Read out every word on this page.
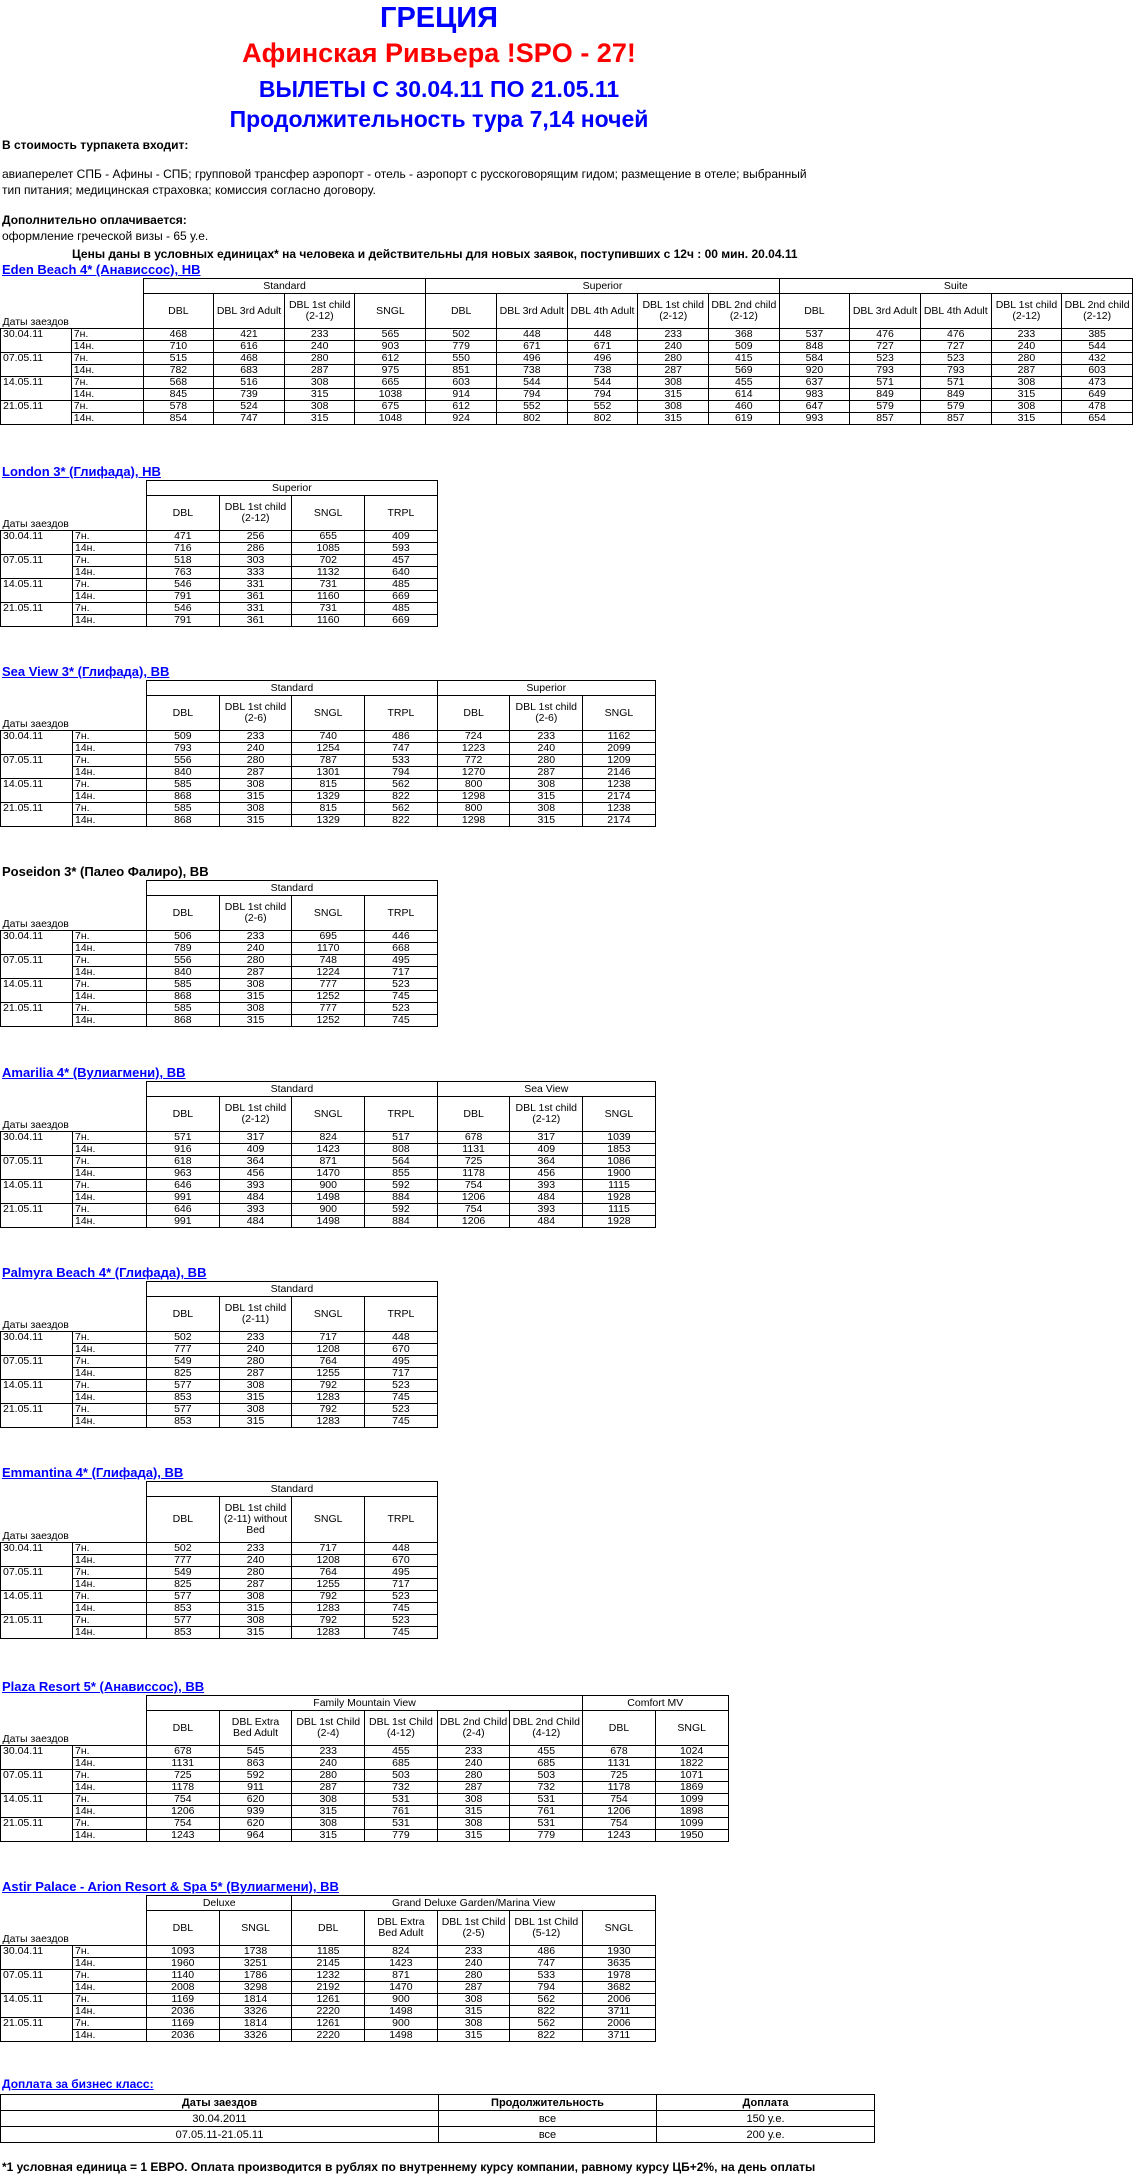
ГРЕЦИЯ
Афинская Ривьера !SPO - 27!
ВЫЛЕТЫ С 30.04.11 ПО 21.05.11
Продолжительность тура 7,14 ночей
В стоимость турпакета входит:
авиаперелет СПБ - Афины - СПБ; групповой трансфер аэропорт - отель - аэропорт с русскоговорящим гидом; размещение в отеле; выбранный
тип питания; медицинская страховка; комиссия согласно договору.
Дополнительно оплачивается:
оформление греческой визы - 65 у.е.
Цены даны в условных единицах* на человека и действительны для новых заявок, поступивших с 12ч : 00 мин. 20.04.11
Eden Beach 4* (Анависсос), HB
Даты заездов		Standard				Superior					Suite				
		DBL	DBL 3rd Adult	DBL 1st child (2-12)	SNGL	DBL	DBL 3rd Adult	DBL 4th Adult	DBL 1st child (2-12)	DBL 2nd child (2-12)	DBL	DBL 3rd Adult	DBL 4th Adult	DBL 1st child (2-12)	DBL 2nd child (2-12)
30.04.11	7н.	468	421	233	565	502	448	448	233	368	537	476	476	233	385
	14н.	710	616	240	903	779	671	671	240	509	848	727	727	240	544
07.05.11	7н.	515	468	280	612	550	496	496	280	415	584	523	523	280	432
	14н.	782	683	287	975	851	738	738	287	569	920	793	793	287	603
14.05.11	7н.	568	516	308	665	603	544	544	308	455	637	571	571	308	473
	14н.	845	739	315	1038	914	794	794	315	614	983	849	849	315	649
21.05.11	7н.	578	524	308	675	612	552	552	308	460	647	579	579	308	478
	14н.	854	747	315	1048	924	802	802	315	619	993	857	857	315	654
London 3* (Глифада), HB
Даты заездов		Superior			
		DBL	DBL 1st child (2-12)	SNGL	TRPL
30.04.11	7н.	471	256	655	409
	14н.	716	286	1085	593
07.05.11	7н.	518	303	702	457
	14н.	763	333	1132	640
14.05.11	7н.	546	331	731	485
	14н.	791	361	1160	669
21.05.11	7н.	546	331	731	485
	14н.	791	361	1160	669
Sea View 3* (Глифада), BB
Даты заездов		Standard				Superior		
		DBL	DBL 1st child (2-6)	SNGL	TRPL	DBL	DBL 1st child (2-6)	SNGL
30.04.11	7н.	509	233	740	486	724	233	1162
	14н.	793	240	1254	747	1223	240	2099
07.05.11	7н.	556	280	787	533	772	280	1209
	14н.	840	287	1301	794	1270	287	2146
14.05.11	7н.	585	308	815	562	800	308	1238
	14н.	868	315	1329	822	1298	315	2174
21.05.11	7н.	585	308	815	562	800	308	1238
	14н.	868	315	1329	822	1298	315	2174
Poseidon 3* (Палео Фалиро), BB
Даты заездов		Standard			
		DBL	DBL 1st child (2-6)	SNGL	TRPL
30.04.11	7н.	506	233	695	446
	14н.	789	240	1170	668
07.05.11	7н.	556	280	748	495
	14н.	840	287	1224	717
14.05.11	7н.	585	308	777	523
	14н.	868	315	1252	745
21.05.11	7н.	585	308	777	523
	14н.	868	315	1252	745
Amarilia 4* (Вулиагмени), BB
Даты заездов		Standard				Sea View		
		DBL	DBL 1st child (2-12)	SNGL	TRPL	DBL	DBL 1st child (2-12)	SNGL
30.04.11	7н.	571	317	824	517	678	317	1039
	14н.	916	409	1423	808	1131	409	1853
07.05.11	7н.	618	364	871	564	725	364	1086
	14н.	963	456	1470	855	1178	456	1900
14.05.11	7н.	646	393	900	592	754	393	1115
	14н.	991	484	1498	884	1206	484	1928
21.05.11	7н.	646	393	900	592	754	393	1115
	14н.	991	484	1498	884	1206	484	1928
Palmyra Beach 4* (Глифада), BB
Даты заездов		Standard			
		DBL	DBL 1st child (2-11)	SNGL	TRPL
30.04.11	7н.	502	233	717	448
	14н.	777	240	1208	670
07.05.11	7н.	549	280	764	495
	14н.	825	287	1255	717
14.05.11	7н.	577	308	792	523
	14н.	853	315	1283	745
21.05.11	7н.	577	308	792	523
	14н.	853	315	1283	745
Emmantina 4* (Глифада), BB
Даты заездов		Standard			
		DBL	DBL 1st child (2-11) without Bed	SNGL	TRPL
30.04.11	7н.	502	233	717	448
	14н.	777	240	1208	670
07.05.11	7н.	549	280	764	495
	14н.	825	287	1255	717
14.05.11	7н.	577	308	792	523
	14н.	853	315	1283	745
21.05.11	7н.	577	308	792	523
	14н.	853	315	1283	745
Plaza Resort 5* (Анависсос), BB
Даты заездов		Family Mountain View						Comfort MV	
		DBL	DBL Extra Bed Adult	DBL 1st Child (2-4)	DBL 1st Child (4-12)	DBL 2nd Child (2-4)	DBL 2nd Child (4-12)	DBL	SNGL
30.04.11	7н.	678	545	233	455	233	455	678	1024
	14н.	1131	863	240	685	240	685	1131	1822
07.05.11	7н.	725	592	280	503	280	503	725	1071
	14н.	1178	911	287	732	287	732	1178	1869
14.05.11	7н.	754	620	308	531	308	531	754	1099
	14н.	1206	939	315	761	315	761	1206	1898
21.05.11	7н.	754	620	308	531	308	531	754	1099
	14н.	1243	964	315	779	315	779	1243	1950
Astir Palace - Arion Resort & Spa 5* (Вулиагмени), BB
Даты заездов		Deluxe		Grand Deluxe Garden/Marina View				
		DBL	SNGL	DBL	DBL Extra Bed Adult	DBL 1st Child (2-5)	DBL 1st Child (5-12)	SNGL
30.04.11	7н.	1093	1738	1185	824	233	486	1930
	14н.	1960	3251	2145	1423	240	747	3635
07.05.11	7н.	1140	1786	1232	871	280	533	1978
	14н.	2008	3298	2192	1470	287	794	3682
14.05.11	7н.	1169	1814	1261	900	308	562	2006
	14н.	2036	3326	2220	1498	315	822	3711
21.05.11	7н.	1169	1814	1261	900	308	562	2006
	14н.	2036	3326	2220	1498	315	822	3711
Доплата за бизнес класс:
Даты заездов	Продолжительность	Доплата
30.04.2011	все	150 у.е.
07.05.11-21.05.11	все	200 у.е.
*1 условная единица = 1 ЕВРО. Оплата производится в рублях по внутреннему курсу компании, равному курсу ЦБ+2%, на день оплаты
